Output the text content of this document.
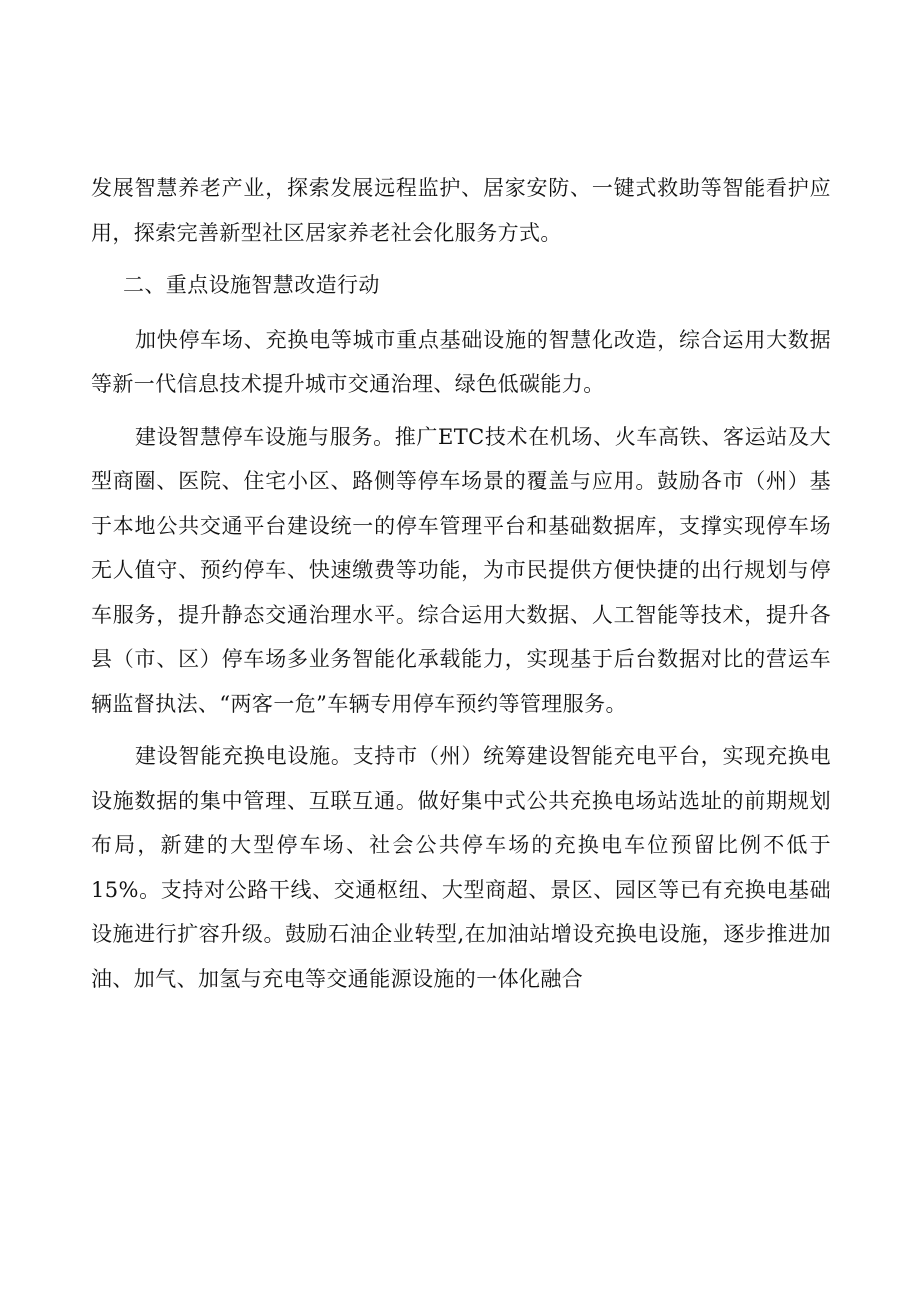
发展智慧养老产业，探索发展远程监护、居家安防、一键式救助等智能看护应用，探索完善新型社区居家养老社会化服务方式。

二、重点设施智慧改造行动

加快停车场、充换电等城市重点基础设施的智慧化改造，综合运用大数据等新一代信息技术提升城市交通治理、绿色低碳能力。

建设智慧停车设施与服务。推广ETC技术在机场、火车高铁、客运站及大型商圈、医院、住宅小区、路侧等停车场景的覆盖与应用。鼓励各市（州）基于本地公共交通平台建设统一的停车管理平台和基础数据库，支撑实现停车场无人值守、预约停车、快速缴费等功能，为市民提供方便快捷的出行规划与停车服务，提升静态交通治理水平。综合运用大数据、人工智能等技术，提升各县（市、区）停车场多业务智能化承载能力，实现基于后台数据对比的营运车辆监督执法、“两客一危”车辆专用停车预约等管理服务。

建设智能充换电设施。支持市（州）统筹建设智能充电平台，实现充换电设施数据的集中管理、互联互通。做好集中式公共充换电场站选址的前期规划布局，新建的大型停车场、社会公共停车场的充换电车位预留比例不低于15%。支持对公路干线、交通枢纽、大型商超、景区、园区等已有充换电基础设施进行扩容升级。鼓励石油企业转型,在加油站增设充换电设施，逐步推进加油、加气、加氢与充电等交通能源设施的一体化融合
